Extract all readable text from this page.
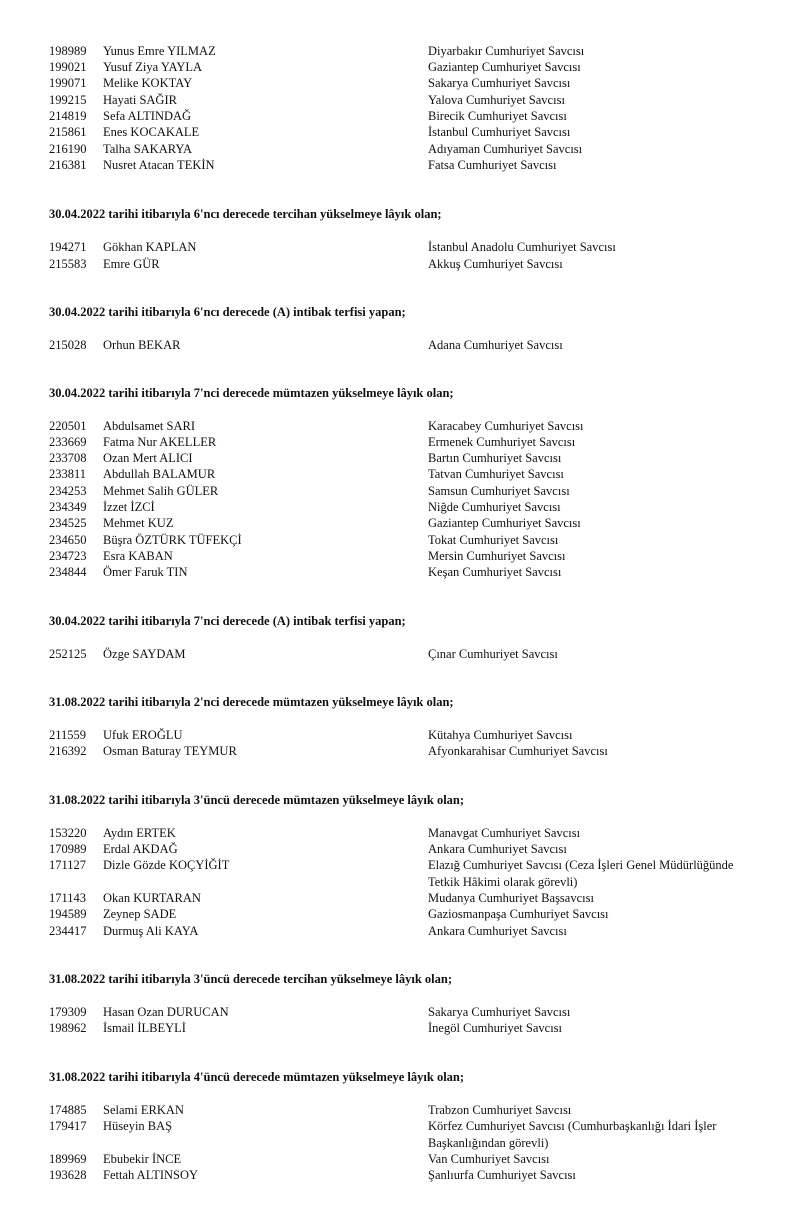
198989 Yunus Emre YILMAZ	Diyarbakır Cumhuriyet Savcısı
199021 Yusuf Ziya YAYLA	Gaziantep Cumhuriyet Savcısı
199071 Melike KOKTAY	Sakarya Cumhuriyet Savcısı
199215 Hayati SAĞIR	Yalova Cumhuriyet Savcısı
214819 Sefa ALTINDAĞ	Birecik Cumhuriyet Savcısı
215861 Enes KOCAKALE	İstanbul Cumhuriyet Savcısı
216190 Talha SAKARYA	Adıyaman Cumhuriyet Savcısı
216381 Nusret Atacan TEKİN	Fatsa Cumhuriyet Savcısı
30.04.2022 tarihi itibarıyla 6'ncı derecede tercihan yükselmeye lâyık olan;
194271 Gökhan KAPLAN	İstanbul Anadolu Cumhuriyet Savcısı
215583 Emre GÜR	Akkuş Cumhuriyet Savcısı
30.04.2022 tarihi itibarıyla 6'ncı derecede (A) intibak terfisi yapan;
215028 Orhun BEKAR	Adana Cumhuriyet Savcısı
30.04.2022 tarihi itibarıyla 7'nci derecede mümtazen yükselmeye lâyık olan;
220501 Abdulsamet SARI	Karacabey Cumhuriyet Savcısı
233669 Fatma Nur AKELLER	Ermenek Cumhuriyet Savcısı
233708 Ozan Mert ALICI	Bartın Cumhuriyet Savcısı
233811 Abdullah BALAMUR	Tatvan Cumhuriyet Savcısı
234253 Mehmet Salih GÜLER	Samsun Cumhuriyet Savcısı
234349 İzzet İZCİ	Niğde Cumhuriyet Savcısı
234525 Mehmet KUZ	Gaziantep Cumhuriyet Savcısı
234650 Büşra ÖZTÜRK TÜFEKÇİ	Tokat Cumhuriyet Savcısı
234723 Esra KABAN	Mersin Cumhuriyet Savcısı
234844 Ömer Faruk TIN	Keşan Cumhuriyet Savcısı
30.04.2022 tarihi itibarıyla 7'nci derecede (A) intibak terfisi yapan;
252125 Özge SAYDAM	Çınar Cumhuriyet Savcısı
31.08.2022 tarihi itibarıyla 2'nci derecede mümtazen yükselmeye lâyık olan;
211559 Ufuk EROĞLU	Kütahya Cumhuriyet Savcısı
216392 Osman Baturay TEYMUR	Afyonkarahisar Cumhuriyet Savcısı
31.08.2022 tarihi itibarıyla 3'üncü derecede mümtazen yükselmeye lâyık olan;
153220 Aydın ERTEK	Manavgat Cumhuriyet Savcısı
170989 Erdal AKDAĞ	Ankara Cumhuriyet Savcısı
171127 Dizle Gözde KOÇYİĞİT	Elazığ Cumhuriyet Savcısı (Ceza İşleri Genel Müdürlüğünde
Tetkik Hâkimi olarak görevli)
171143 Okan KURTARAN	Mudanya Cumhuriyet Başsavcısı
194589 Zeynep SADE	Gaziosmanpaşa Cumhuriyet Savcısı
234417 Durmuş Ali KAYA	Ankara Cumhuriyet Savcısı
31.08.2022 tarihi itibarıyla 3'üncü derecede tercihan yükselmeye lâyık olan;
179309 Hasan Ozan DURUCAN	Sakarya Cumhuriyet Savcısı
198962 İsmail İLBEYLİ	İnegöl Cumhuriyet Savcısı
31.08.2022 tarihi itibarıyla 4'üncü derecede mümtazen yükselmeye lâyık olan;
174885 Selami ERKAN	Trabzon Cumhuriyet Savcısı
179417 Hüseyin BAŞ	Körfez Cumhuriyet Savcısı (Cumhurbaşkanlığı İdari İşler
Başkanlığından görevli)
189969 Ebubekir İNCE	Van Cumhuriyet Savcısı
193628 Fettah ALTINSOY	Şanlıurfa Cumhuriyet Savcısı
